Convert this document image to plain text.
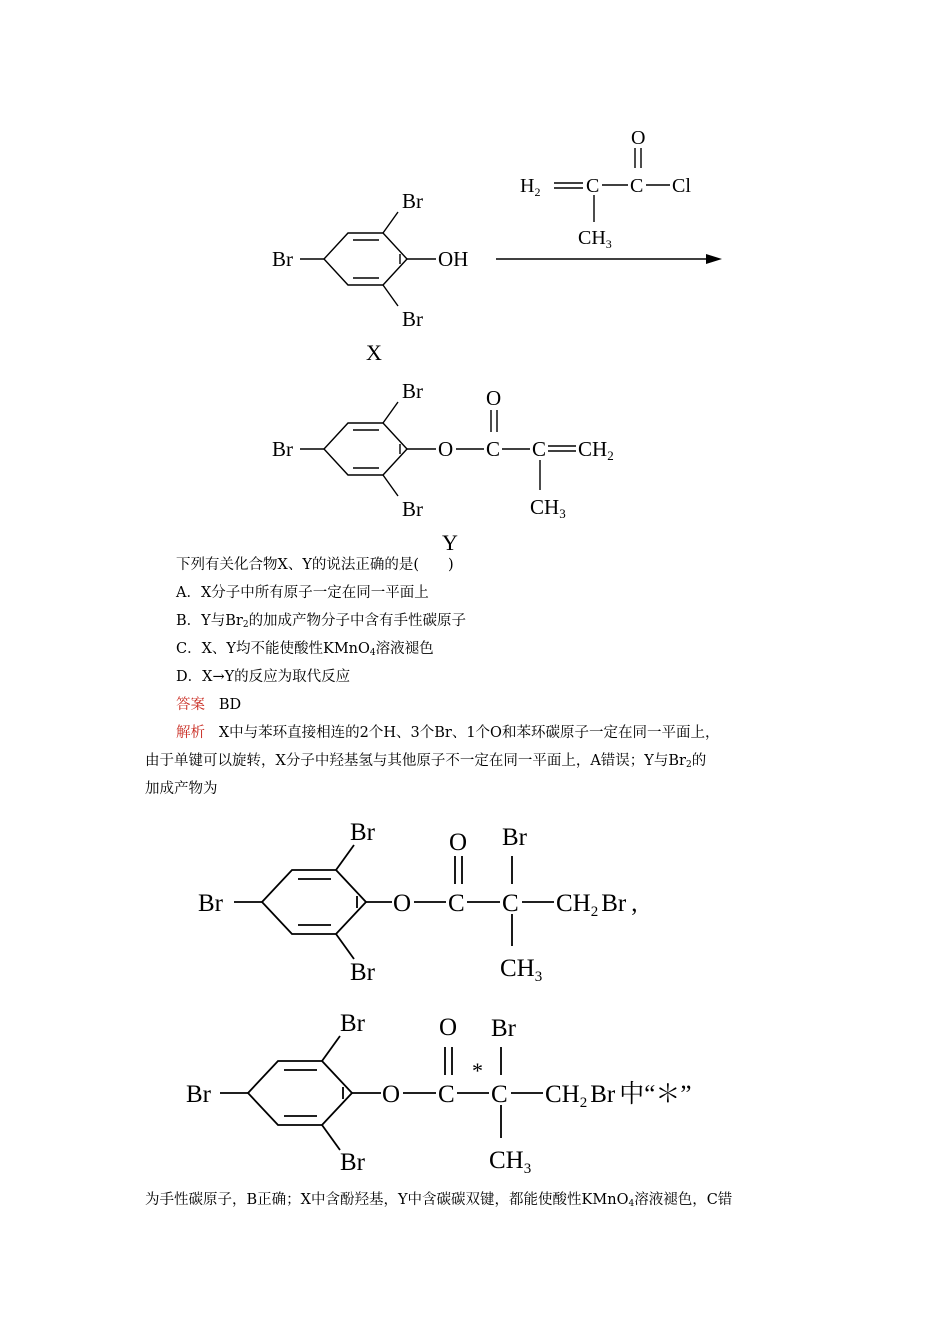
Br
Br
Br
OH
X
$H_2$ C C Cl
O
$CH_3$
Br
Br
Br
O C
O
C CH2
CH3
Y
下列有关化合物X、Y的说法正确的是(　　)
A．X分子中所有原子一定在同一平面上
B．Y与$Br_2$的加成产物分子中含有手性碳原子
C．X、Y均不能使酸性KMnO$_4$溶液褪色
D．X→Y的反应为取代反应
答案 BD
解析 X中与苯环直接相连的2个H、3个Br、1个O和苯环碳原子一定在同一平面上，
由于单键可以旋转，X分子中羟基氢与其他原子不一定在同一平面上，A错误；Y与$Br_2$的
加成产物为
Br
Br
Br
O C
O
C
Br
$CH_2$ Br ,
$CH_3$
Br
Br
Br
O C
O
C
*
Br
$CH_2$ Br 中“＊”
$CH_3$
为手性碳原子，B正确；X中含酚羟基，Y中含碳碳双键，都能使酸性KMnO$_4$溶液褪色，C错
